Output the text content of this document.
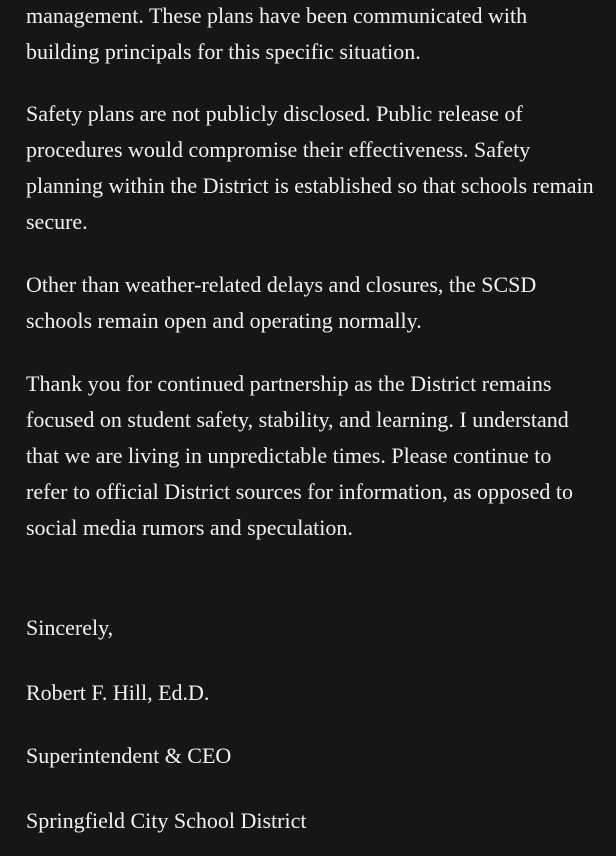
management. These plans have been communicated with building principals for this specific situation.

Safety plans are not publicly disclosed. Public release of procedures would compromise their effectiveness. Safety planning within the District is established so that schools remain secure.

Other than weather-related delays and closures, the SCSD schools remain open and operating normally.

Thank you for continued partnership as the District remains focused on student safety, stability, and learning. I understand that we are living in unpredictable times. Please continue to refer to official District sources for information, as opposed to social media rumors and speculation.

Sincerely,

Robert F. Hill, Ed.D.

Superintendent & CEO

Springfield City School District
